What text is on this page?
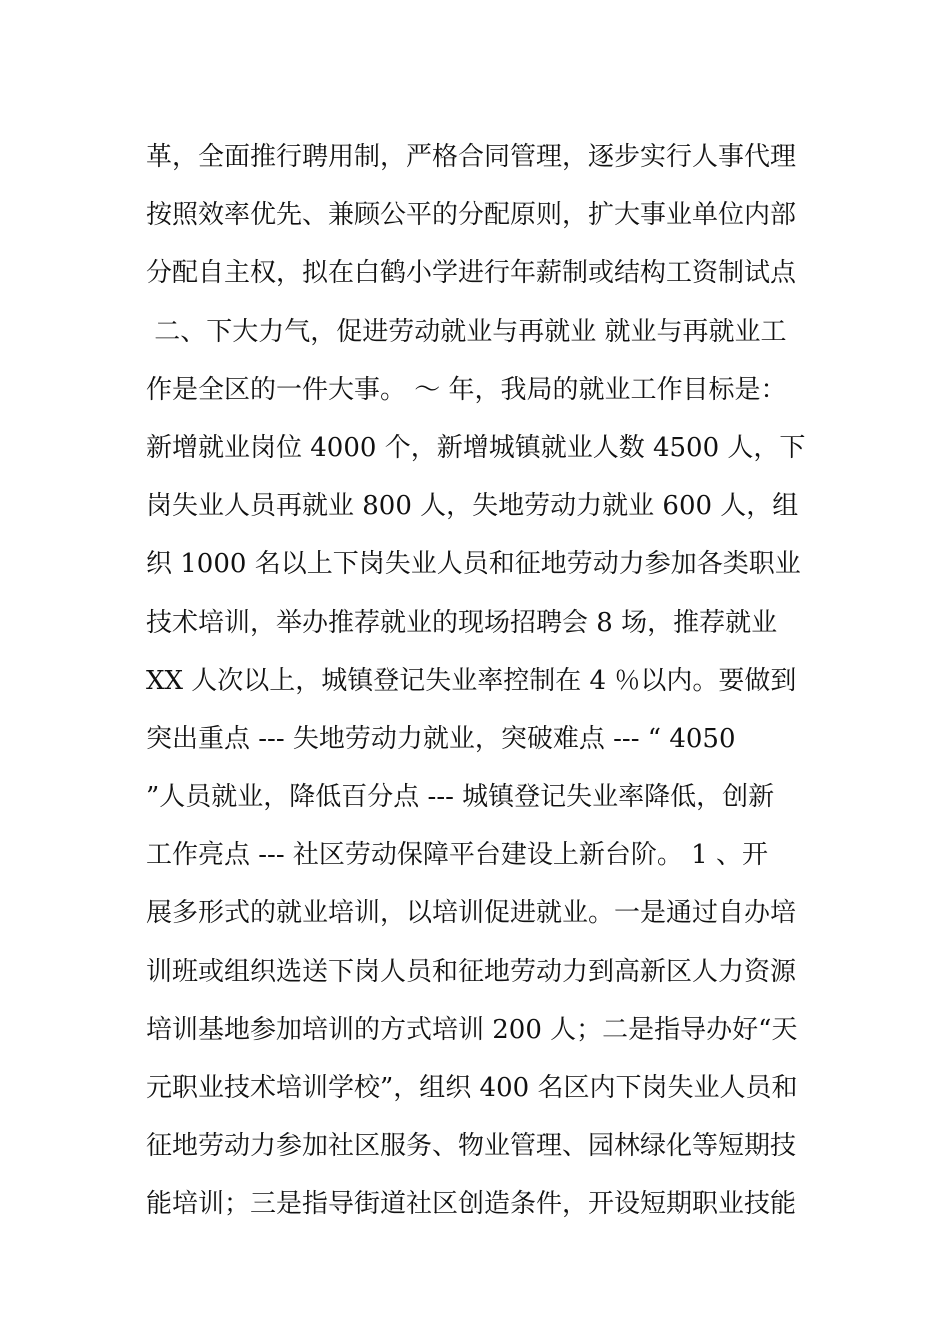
革，全面推行聘用制，严格合同管理，逐步实行人事代理
按照效率优先、兼顾公平的分配原则，扩大事业单位内部
分配自主权，拟在白鹤小学进行年薪制或结构工资制试点
二、下大力气，促进劳动就业与再就业 就业与再就业工
作是全区的一件大事。 ～ 年，我局的就业工作目标是：
新增就业岗位 4000 个，新增城镇就业人数 4500 人，下
岗失业人员再就业 800 人，失地劳动力就业 600 人，组
织 1000 名以上下岗失业人员和征地劳动力参加各类职业
技术培训，举办推荐就业的现场招聘会 8 场，推荐就业
XX 人次以上，城镇登记失业率控制在 4 ％以内。要做到
突出重点 --- 失地劳动力就业，突破难点 --- “ 4050
”人员就业，降低百分点 --- 城镇登记失业率降低，创新
工作亮点 --- 社区劳动保障平台建设上新台阶。 1 、开
展多形式的就业培训，以培训促进就业。一是通过自办培
训班或组织选送下岗人员和征地劳动力到高新区人力资源
培训基地参加培训的方式培训 200 人；二是指导办好“天
元职业技术培训学校”，组织 400 名区内下岗失业人员和
征地劳动力参加社区服务、物业管理、园林绿化等短期技
能培训；三是指导街道社区创造条件，开设短期职业技能
